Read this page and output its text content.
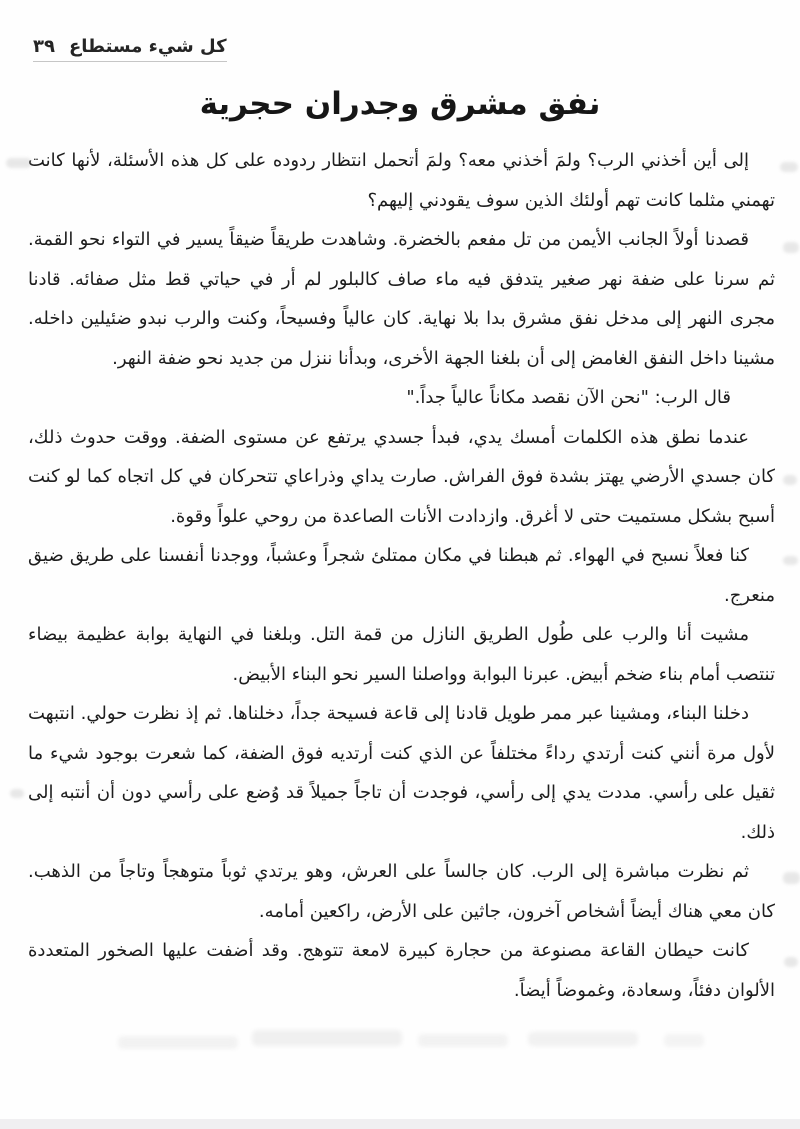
كل شيء مستطاع٣٩
نفق مشرق وجدران حجرية

إلى أين أخذني الرب؟ ولمَ أخذني معه؟ ولمَ أتحمل انتظار ردوده على كل هذه الأسئلة، لأنها كانت تهمني مثلما كانت تهم أولئك الذين سوف يقودني إليهم؟

قصدنا أولاً الجانب الأيمن من تل مفعم بالخضرة. وشاهدت طريقاً ضيقاً يسير في التواء نحو القمة. ثم سرنا على ضفة نهر صغير يتدفق فيه ماء صاف كالبلور لم أر في حياتي قط مثل صفائه. قادنا مجرى النهر إلى مدخل نفق مشرق بدا بلا نهاية. كان عالياً وفسيحاً، وكنت والرب نبدو ضئيلين داخله. مشينا داخل النفق الغامض إلى أن بلغنا الجهة الأخرى، وبدأنا ننزل من جديد نحو ضفة النهر.

قال الرب: "نحن الآن نقصد مكاناً عالياً جداً."

عندما نطق هذه الكلمات أمسك يدي، فبدأ جسدي يرتفع عن مستوى الضفة. ووقت حدوث ذلك، كان جسدي الأرضي يهتز بشدة فوق الفراش. صارت يداي وذراعاي تتحركان في كل اتجاه كما لو كنت أسبح بشكل مستميت حتى لا أغرق. وازدادت الأنات الصاعدة من روحي علواً وقوة.

كنا فعلاً نسبح في الهواء. ثم هبطنا في مكان ممتلئ شجراً وعشباً، ووجدنا أنفسنا على طريق ضيق منعرج.

مشيت أنا والرب على طُول الطريق النازل من قمة التل. وبلغنا في النهاية بوابة عظيمة بيضاء تنتصب أمام بناء ضخم أبيض. عبرنا البوابة وواصلنا السير نحو البناء الأبيض.

دخلنا البناء، ومشينا عبر ممر طويل قادنا إلى قاعة فسيحة جداً، دخلناها. ثم إذ نظرت حولي. انتبهت لأول مرة أنني كنت أرتدي رداءً مختلفاً عن الذي كنت أرتديه فوق الضفة، كما شعرت بوجود شيء ما ثقيل على رأسي. مددت يدي إلى رأسي، فوجدت أن تاجاً جميلاً قد وُضع على رأسي دون أن أنتبه إلى ذلك.

ثم نظرت مباشرة إلى الرب. كان جالساً على العرش، وهو يرتدي ثوباً متوهجاً وتاجاً من الذهب. كان معي هناك أيضاً أشخاص آخرون، جاثين على الأرض، راكعين أمامه.

كانت حيطان القاعة مصنوعة من حجارة كبيرة لامعة تتوهج. وقد أضفت عليها الصخور المتعددة الألوان دفئاً، وسعادة، وغموضاً أيضاً.
